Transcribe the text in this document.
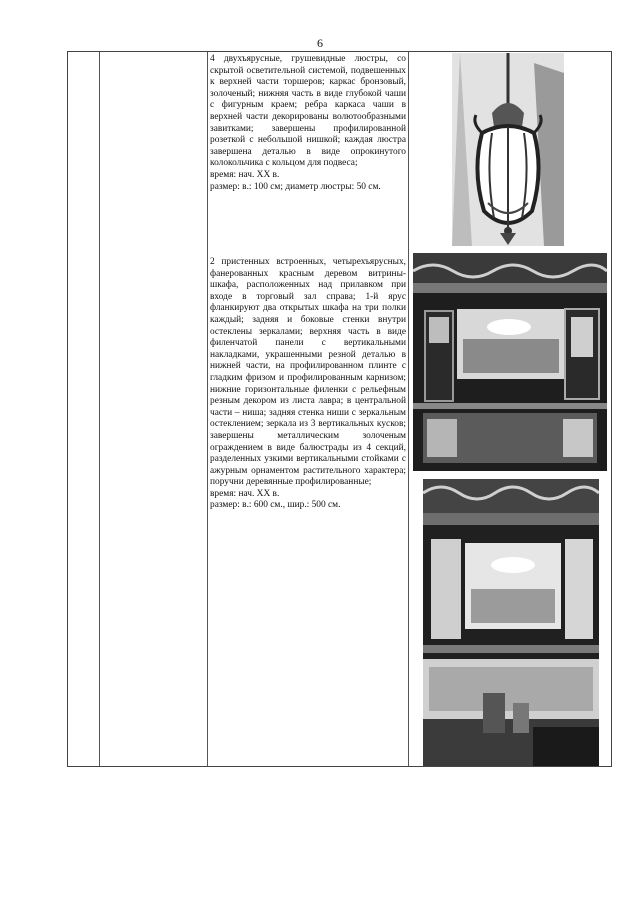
6

4 двухъярусные, грушевидные люстры, со скрытой осветительной системой, подвешенных к верхней части торшеров; каркас бронзовый, золоченый; нижняя часть в виде глубокой чаши с фигурным краем; ребра каркаса чаши в верхней части декорированы волютообразными завитками; завершены профилированной розеткой с небольшой нишкой; каждая люстра завершена деталью в виде опрокинутого колокольчика с кольцом для подвеса;

время: нач. XX в.

размер: в.: 100 см; диаметр люстры: 50 см.

2 пристенных встроенных, четырехъярусных, фанерованных красным деревом витрины-шкафа, расположенных над прилавком при входе в торговый зал справа; 1-й ярус фланкируют два открытых шкафа на три полки каждый; задняя и боковые стенки внутри остеклены зеркалами; верхняя часть в виде филенчатой панели с вертикальными накладками, украшенными резной деталью в нижней части, на профилированном плинте с гладким фризом и профилированным карнизом; нижние горизонтальные филенки с рельефным резным декором из листа лавра; в центральной части – ниша; задняя стенка ниши с зеркальным остеклением; зеркала из 3 вертикальных кусков; завершены металлическим золоченым ограждением в виде балюстрады из 4 секций, разделенных узкими вертикальными стойками с ажурным орнаментом растительного характера; поручни деревянные профилированные;

время: нач. XX в.

размер: в.: 600 см., шир.: 500 см.
